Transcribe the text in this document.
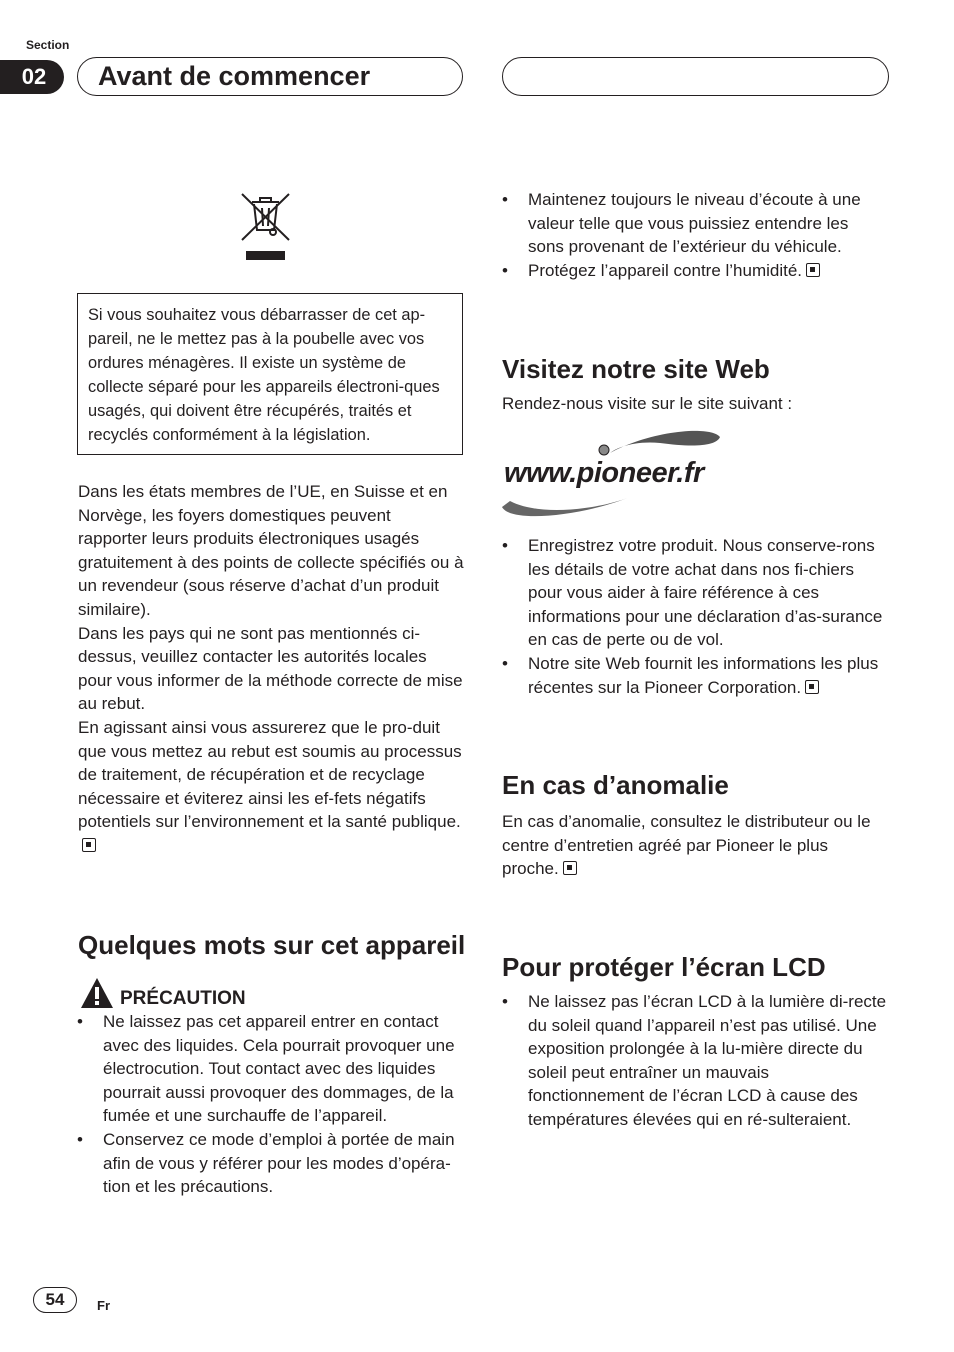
Section
02	Avant de commencer

Si vous souhaitez vous débarrasser de cet ap-pareil, ne le mettez pas à la poubelle avec vos ordures ménagères. Il existe un système de collecte séparé pour les appareils électroni-ques usagés, qui doivent être récupérés, traités et recyclés conformément à la législation.

Dans les états membres de l’UE, en Suisse et en Norvège, les foyers domestiques peuvent rapporter leurs produits électroniques usagés gratuitement à des points de collecte spécifiés ou à un revendeur (sous réserve d’achat d’un produit similaire).

Dans les pays qui ne sont pas mentionnés ci-dessus, veuillez contacter les autorités locales pour vous informer de la méthode correcte de mise au rebut.

En agissant ainsi vous assurerez que le pro-duit que vous mettez au rebut est soumis au processus de traitement, de récupération et de recyclage nécessaire et éviterez ainsi les ef-fets négatifs potentiels sur l’environnement et la santé publique.

Quelques mots sur cet appareil
PRÉCAUTION
• Ne laissez pas cet appareil entrer en contact avec des liquides. Cela pourrait provoquer une électrocution. Tout contact avec des liquides pourrait aussi provoquer des dommages, de la fumée et une surchauffe de l’appareil.
• Conservez ce mode d’emploi à portée de main afin de vous y référer pour les modes d’opéra-tion et les précautions.
• Maintenez toujours le niveau d’écoute à une valeur telle que vous puissiez entendre les sons provenant de l’extérieur du véhicule.
• Protégez l’appareil contre l’humidité.
Visitez notre site Web
Rendez-nous visite sur le site suivant :
www.pioneer.fr
• Enregistrez votre produit. Nous conserve-rons les détails de votre achat dans nos fi-chiers pour vous aider à faire référence à ces informations pour une déclaration d’as-surance en cas de perte ou de vol.
• Notre site Web fournit les informations les plus récentes sur la Pioneer Corporation.
En cas d’anomalie

En cas d’anomalie, consultez le distributeur ou le centre d’entretien agréé par Pioneer le plus proche.

Pour protéger l’écran LCD
• Ne laissez pas l’écran LCD à la lumière di-recte du soleil quand l’appareil n’est pas utilisé. Une exposition prolongée à la lu-mière directe du soleil peut entraîner un mauvais fonctionnement de l’écran LCD à cause des températures élevées qui en ré-sulteraient.
54	Fr
